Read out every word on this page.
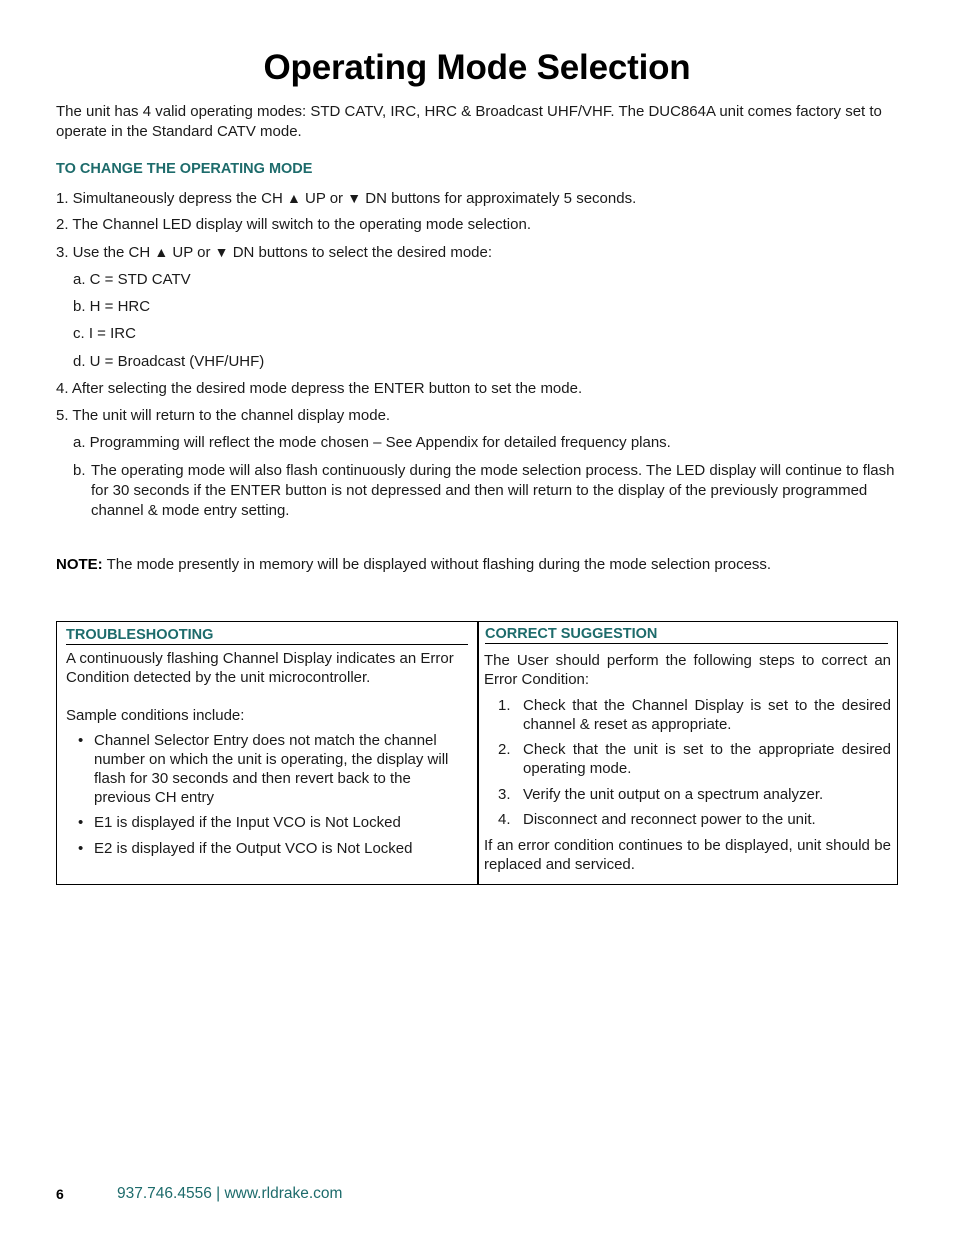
Operating Mode Selection
The unit has 4 valid operating modes: STD CATV, IRC, HRC & Broadcast UHF/VHF. The DUC864A unit comes factory set to operate in the Standard CATV mode.
TO CHANGE THE OPERATING MODE
1. Simultaneously depress the CH ▲ UP or ▼ DN buttons for approximately 5 seconds.
2. The Channel LED display will switch to the operating mode selection.
3. Use the CH ▲ UP or ▼ DN buttons to select the desired mode:
a. C = STD CATV
b. H = HRC
c. I = IRC
d. U = Broadcast (VHF/UHF)
4. After selecting the desired mode depress the ENTER button to set the mode.
5. The unit will return to the channel display mode.
a. Programming will reflect the mode chosen – See Appendix for detailed frequency plans.
b. The operating mode will also flash continuously during the mode selection process. The LED display will continue to flash for 30 seconds if the ENTER button is not depressed and then will return to the display of the previously programmed channel & mode entry setting.
NOTE: The mode presently in memory will be displayed without flashing during the mode selection process.
TROUBLESHOOTING
A continuously flashing Channel Display indicates an Error Condition detected by the unit microcontroller.
Sample conditions include:
• Channel Selector Entry does not match the channel number on which the unit is operating, the display will flash for 30 seconds and then revert back to the previous CH entry
• E1 is displayed if the Input VCO is Not Locked
• E2 is displayed if the Output VCO is Not Locked
CORRECT SUGGESTION
The User should perform the following steps to correct an Error Condition:
1. Check that the Channel Display is set to the desired channel & reset as appropriate.
2. Check that the unit is set to the appropriate desired operating mode.
3. Verify the unit output on a spectrum analyzer.
4. Disconnect and reconnect power to the unit.
If an error condition continues to be displayed, unit should be replaced and serviced.
6	937.746.4556 | www.rldrake.com
